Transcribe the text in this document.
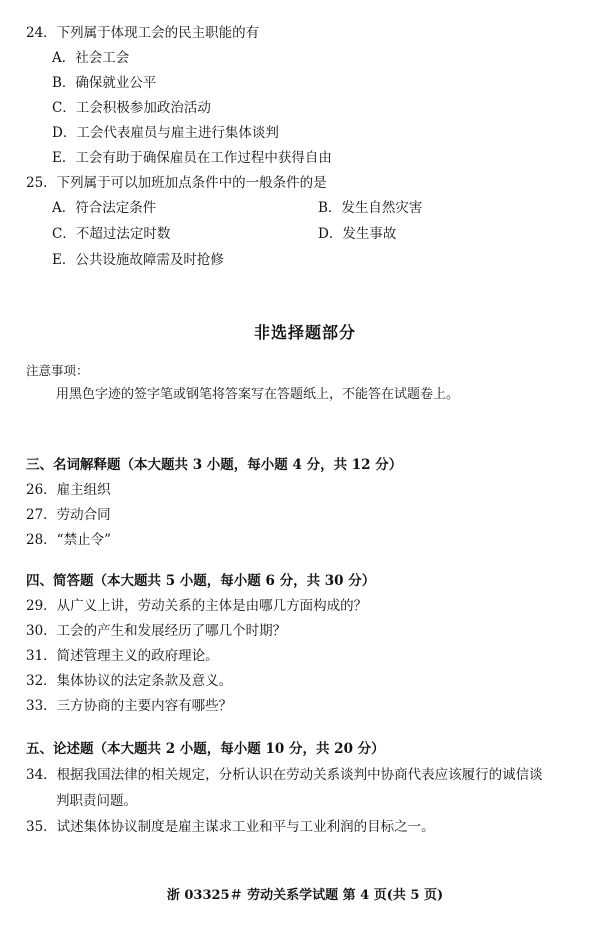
24．下列属于体现工会的民主职能的有
A．社会工会
B．确保就业公平
C．工会积极参加政治活动
D．工会代表雇员与雇主进行集体谈判
E．工会有助于确保雇员在工作过程中获得自由
25．下列属于可以加班加点条件中的一般条件的是
A．符合法定条件	B．发生自然灾害
C．不超过法定时数	D．发生事故
E．公共设施故障需及时抢修
非选择题部分
注意事项：
用黑色字迹的签字笔或钢笔将答案写在答题纸上，不能答在试题卷上。
三、名词解释题（本大题共 3 小题，每小题 4 分，共 12 分）
26．雇主组织
27．劳动合同
28．“禁止令”
四、简答题（本大题共 5 小题，每小题 6 分，共 30 分）
29．从广义上讲，劳动关系的主体是由哪几方面构成的？
30．工会的产生和发展经历了哪几个时期？
31．简述管理主义的政府理论。
32．集体协议的法定条款及意义。
33．三方协商的主要内容有哪些？
五、论述题（本大题共 2 小题，每小题 10 分，共 20 分）
34．根据我国法律的相关规定，分析认识在劳动关系谈判中协商代表应该履行的诚信谈
判职责问题。
35．试述集体协议制度是雇主谋求工业和平与工业利润的目标之一。
浙 03325＃ 劳动关系学试题 第 4 页(共 5 页)
